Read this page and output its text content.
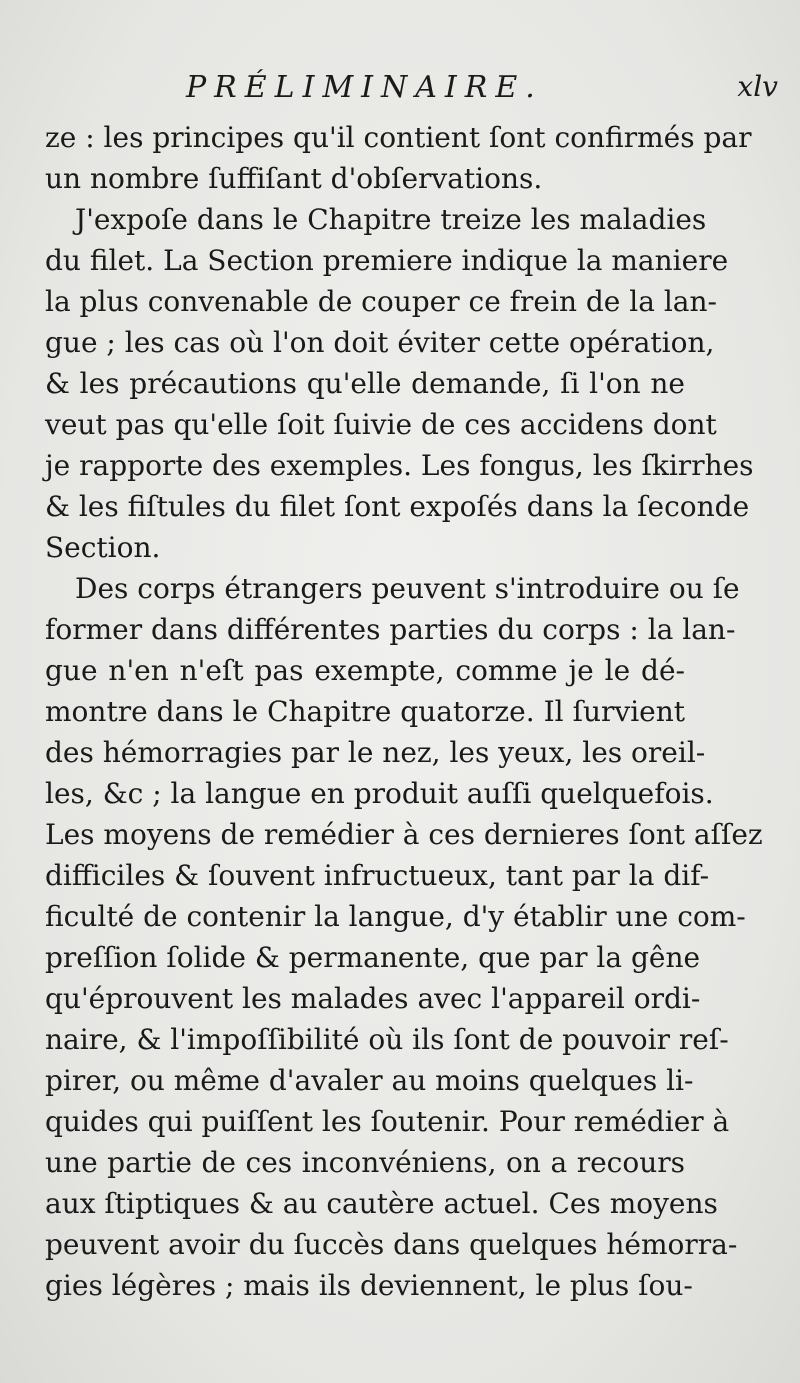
PRÉLIMINAIRE.	xlv
ze : les principes qu'il contient ſont confirmés par
un nombre ſuffiſant d'obſervations.
J'expoſe dans le Chapitre treize les maladies
du filet. La Section premiere indique la maniere
la plus convenable de couper ce frein de la lan-
gue ; les cas où l'on doit éviter cette opération,
& les précautions qu'elle demande, ſi l'on ne
veut pas qu'elle ſoit ſuivie de ces accidens dont
je rapporte des exemples. Les fongus, les ſkirrhes
& les fiſtules du filet ſont expoſés dans la ſeconde
Section.
Des corps étrangers peuvent s'introduire ou ſe
former dans différentes parties du corps : la lan-
gue n'en n'eſt pas exempte, comme je le dé-
montre dans le Chapitre quatorze. Il ſurvient
des hémorragies par le nez, les yeux, les oreil-
les, &c ; la langue en produit auſſi quelquefois.
Les moyens de remédier à ces dernieres ſont aſſez
difficiles & ſouvent infructueux, tant par la dif-
ficulté de contenir la langue, d'y établir une com-
preſſion ſolide & permanente, que par la gêne
qu'éprouvent les malades avec l'appareil ordi-
naire, & l'impoſſibilité où ils ſont de pouvoir reſ-
pirer, ou même d'avaler au moins quelques li-
quides qui puiſſent les ſoutenir. Pour remédier à
une partie de ces inconvéniens, on a recours
aux ſtiptiques & au cautère actuel. Ces moyens
peuvent avoir du ſuccès dans quelques hémorra-
gies légères ; mais ils deviennent, le plus ſou-
